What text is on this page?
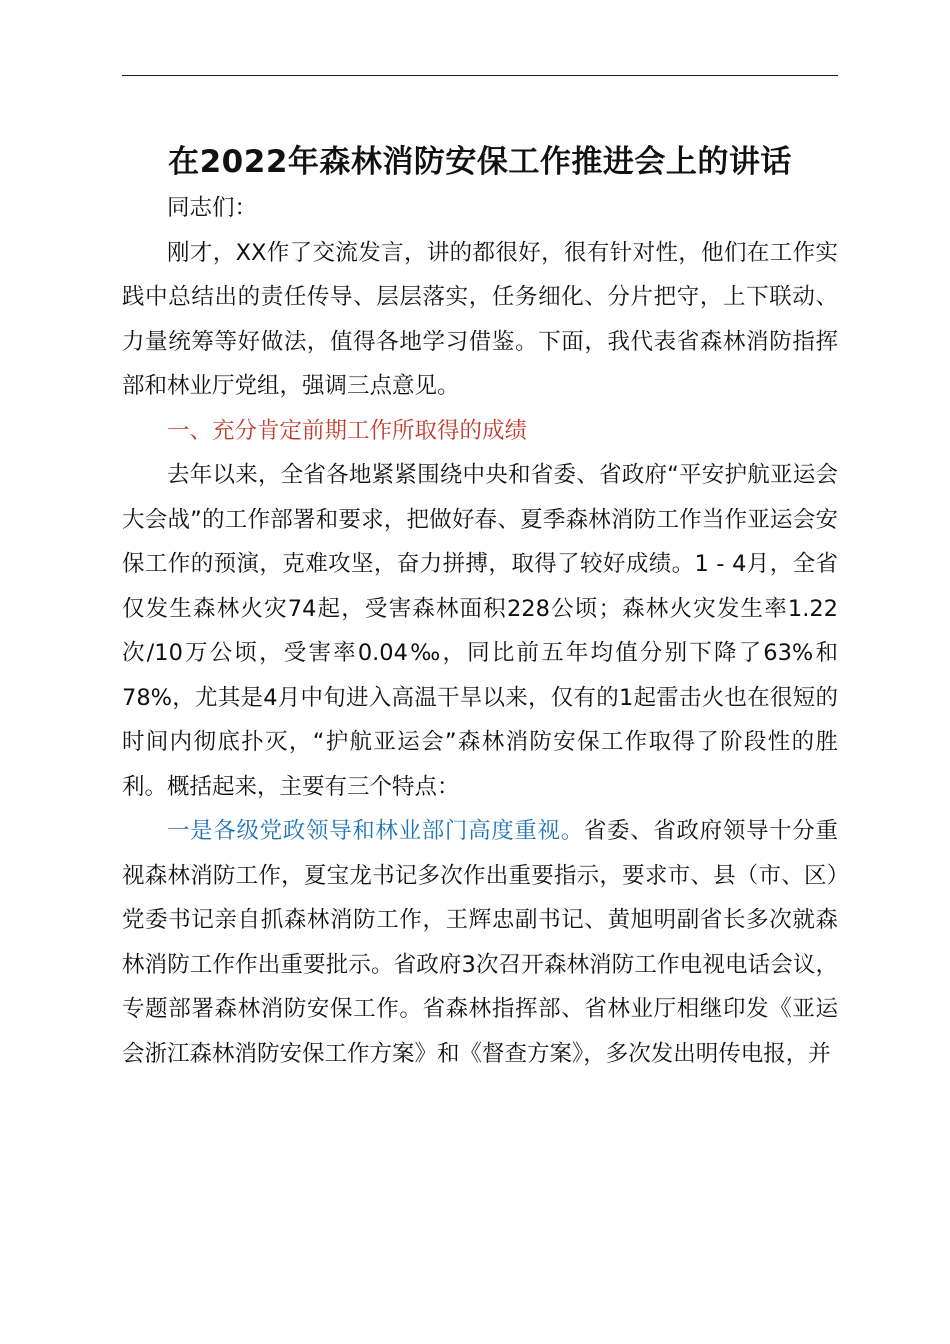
在2022年森林消防安保工作推进会上的讲话

同志们：

刚才，XX作了交流发言，讲的都很好，很有针对性，他们在工作实践中总结出的责任传导、层层落实，任务细化、分片把守，上下联动、力量统筹等好做法，值得各地学习借鉴。下面，我代表省森林消防指挥部和林业厅党组，强调三点意见。

一、充分肯定前期工作所取得的成绩

去年以来，全省各地紧紧围绕中央和省委、省政府“平安护航亚运会大会战”的工作部署和要求，把做好春、夏季森林消防工作当作亚运会安保工作的预演，克难攻坚，奋力拼搏，取得了较好成绩。1 - 4月，全省仅发生森林火灾74起，受害森林面积228公顷；森林火灾发生率1.22次/10万公顷，受害率0.04‰，同比前五年均值分别下降了63%和78%，尤其是4月中旬进入高温干旱以来，仅有的1起雷击火也在很短的时间内彻底扑灭，“护航亚运会”森林消防安保工作取得了阶段性的胜利。概括起来，主要有三个特点：

一是各级党政领导和林业部门高度重视。省委、省政府领导十分重视森林消防工作，夏宝龙书记多次作出重要指示，要求市、县（市、区）党委书记亲自抓森林消防工作，王辉忠副书记、黄旭明副省长多次就森林消防工作作出重要批示。省政府3次召开森林消防工作电视电话会议，专题部署森林消防安保工作。省森林指挥部、省林业厅相继印发《亚运会浙江森林消防安保工作方案》和《督查方案》，多次发出明传电报，并
